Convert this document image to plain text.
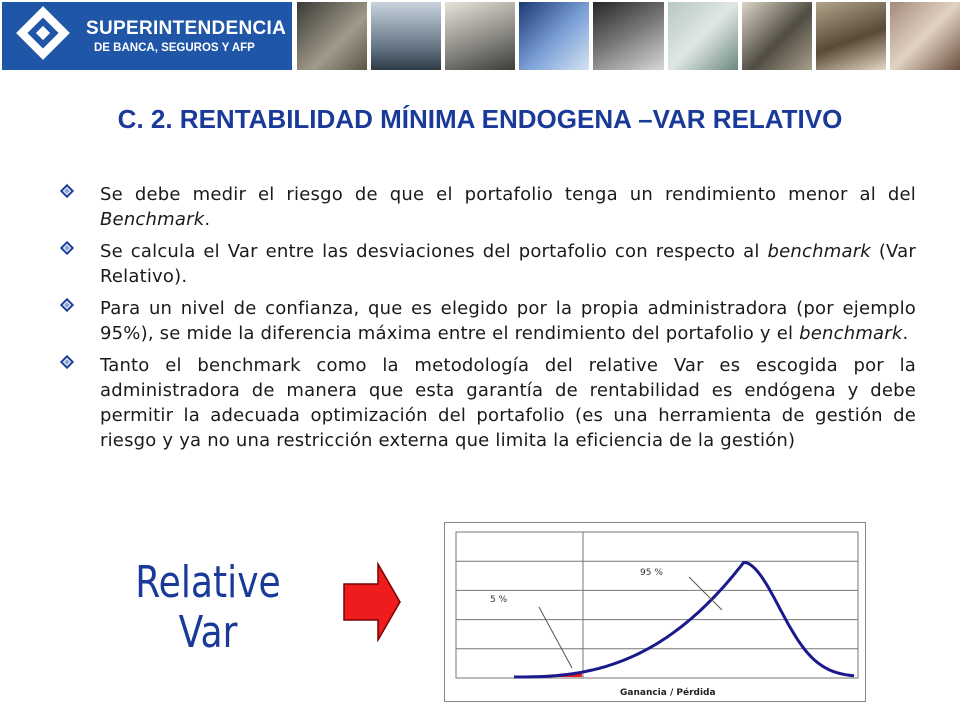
SUPERINTENDENCIA
DE BANCA, SEGUROS Y AFP
C. 2. RENTABILIDAD MÍNIMA ENDOGENA –VAR RELATIVO
Se debe medir el riesgo de que el portafolio tenga un rendimiento menor al del Benchmark.
Se calcula el Var entre las desviaciones del portafolio con respecto al benchmark (Var Relativo).
Para un nivel de confianza, que es elegido por la propia administradora (por ejemplo 95%), se mide la diferencia máxima entre el rendimiento del portafolio y el benchmark.
Tanto el benchmark como la metodología del relative Var es escogida por la administradora de manera que esta garantía de rentabilidad es endógena y debe permitir la adecuada optimización del portafolio (es una herramienta de gestión de riesgo y ya no una restricción externa que limita la eficiencia de la gestión)
Relative
Var
5 %
95 %
Ganancia / Pérdida
